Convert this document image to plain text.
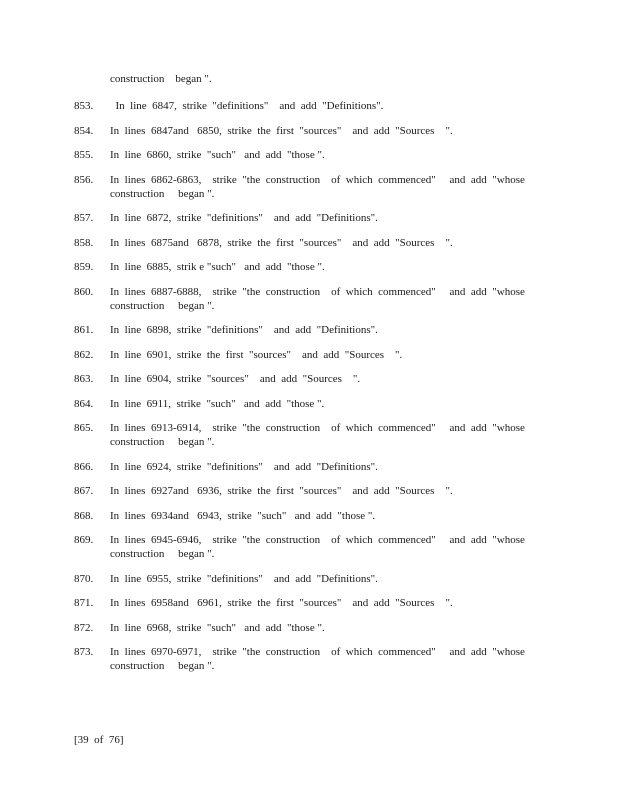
construction    began ".
853.	In  line  6847,  strike  "definitions"    and  add  "Definitions".
854.	In  lines  6847and   6850,  strike  the  first  "sources"    and  add  "Sources    ".
855.	In  line  6860,  strike  "such"   and  add  "those ".
856.	In  lines  6862-6863,    strike  "the  construction    of  which  commenced"     and  add  "whose
construction     began ".
857.	In  line  6872,  strike  "definitions"    and  add  "Definitions".
858.	In  lines  6875and   6878,  strike  the  first  "sources"    and  add  "Sources    ".
859.	In  line  6885,  strik e "such"   and  add  "those ".
860.	In  lines  6887-6888,    strike  "the  construction    of  which  commenced"     and  add  "whose
construction     began ".
861.	In  line  6898,  strike  "definitions"    and  add  "Definitions".
862.	In  line  6901,  strike  the  first  "sources"    and  add  "Sources    ".
863.	In  line  6904,  strike  "sources"    and  add  "Sources    ".
864.	In  line  6911,  strike  "such"   and  add  "those ".
865.	In  lines  6913-6914,    strike  "the  construction    of  which  commenced"     and  add  "whose
construction     began ".
866.	In  line  6924,  strike  "definitions"    and  add  "Definitions".
867.	In  lines  6927and   6936,  strike  the  first  "sources"    and  add  "Sources    ".
868.	In  lines  6934and   6943,  strike  "such"   and  add  "those ".
869.	In  lines  6945-6946,    strike  "the  construction    of  which  commenced"     and  add  "whose
construction     began ".
870.	In  line  6955,  strike  "definitions"    and  add  "Definitions".
871.	In  lines  6958and   6961,  strike  the  first  "sources"    and  add  "Sources    ".
872.	In  line  6968,  strike  "such"   and  add  "those ".
873.	In  lines  6970-6971,    strike  "the  construction    of  which  commenced"     and  add  "whose
construction     began ".
[39  of  76]
